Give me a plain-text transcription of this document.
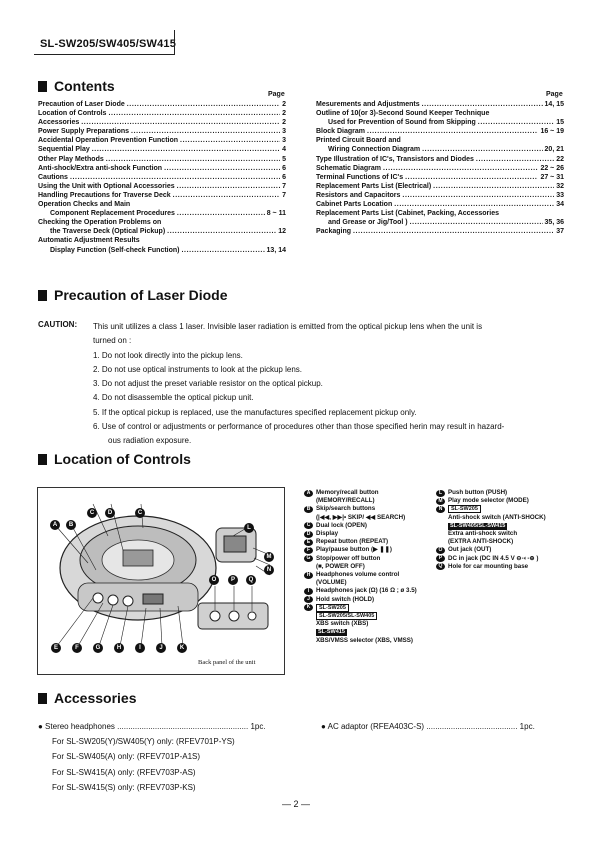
SL-SW205/SW405/SW415
Contents
Page	Page
Precaution of Laser Diode .....	2
Location of Controls .....	2
Accessories .....	2
Power Supply Preparations .....	3
Accidental Operation Prevention Function .....	3
Sequential Play .....	4
Other Play Methods .....	5
Anti-shock/Extra anti-shock Function .....	6
Cautions .....	6
Using the Unit with Optional Accessories .....	7
Handling Precautions for Traverse Deck .....	7
Operation Checks and Main
Component Replacement Procedures .....	8 ~ 11
Checking the Operation Problems on
the Traverse Deck (Optical Pickup) .....	12
Automatic Adjustment Results
Display Function (Self-check Function) .....	13, 14
Mesurements and Adjustments .....	14, 15
Outline of 10(or 3)-Second Sound Keeper Technique
Used for Prevention of Sound from Skipping .....	15
Block Diagram .....	16 ~ 19
Printed Circuit Board and
Wiring Connection Diagram .....	20, 21
Type Illustration of IC's, Transistors and Diodes .....	22
Schematic Diagram .....	22 ~ 26
Terminal Functions of IC's .....	27 ~ 31
Replacement Parts List (Electrical) .....	32
Resistors and Capacitors .....	33
Cabinet Parts Location .....	34
Replacement Parts List (Cabinet, Packing, Accessories
and Grease or Jig/Tool ) .....	35, 36
Packaging .....	37
Precaution of Laser Diode
CAUTION: This unit utilizes a class 1 laser. Invisible laser radiation is emitted from the optical pickup lens when the unit is
turned on :
1. Do not look directly into the pickup lens.
2. Do not use optical instruments to look at the pickup lens.
3. Do not adjust the preset variable resistor on the optical pickup.
4. Do not disassemble the optical pickup unit.
5. If the optical pickup is replaced, use the manufactures specified replacement pickup only.
6. Use of control or adjustments or performance of procedures other than those specified herin may result in hazard-
ous radiation exposure.
Location of Controls
Back panel of the unit
C	D	C
A	B
E	F	G	H	I	J	K
L
M
N
O	P	Q
A Memory/recall button
(MEMORY/RECALL)
B Skip/search buttons
(|◀◀, ▶▶|• SKIP/ ◀◀ SEARCH)
C Dual lock (OPEN)
D Display
E Repeat button (REPEAT)
F Play/pause button (▶ ❚❚)
G Stop/power off button
(■, POWER OFF)
H Headphones volume control
(VOLUME)
I	Headphones jack (Ω) (16 Ω ; ø 3.5)
J Hold switch (HOLD)
K	SL-SW205
SL-SW205/SL-SW405
XBS switch (XBS)
SL-SW415
XBS/VMSS selector (XBS, VMSS)
L Push button (PUSH)
M Play mode selector (MODE)
N	SL-SW205
Anti-shock switch (ANTI-SHOCK)
SL-SW405/SL-SW415
Extra anti-shock switch
(EXTRA ANTI-SHOCK)
O Out jack (OUT)
P DC in jack (DC IN 4.5 V ⊖-◐-⊕ )
Q Hole for car mounting base
Accessories
● Stereo headphones ........................................................... 1pc.
For SL-SW205(Y)/SW405(Y) only: (RFEV701P-YS)
For SL-SW405(A) only: (RFEV701P-A1S)
For SL-SW415(A) only: (RFEV703P-AS)
For SL-SW415(S) only: (RFEV703P-KS)
● AC adaptor (RFEA403C-S) ......................................... 1pc.
— 2 —
